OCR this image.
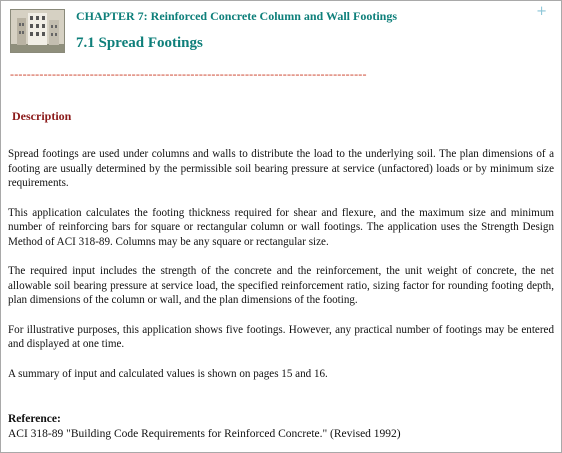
CHAPTER 7: Reinforced Concrete Column and Wall Footings
7.1 Spread Footings
+
-------------------------------------------------------------------------------------
Description

Spread footings are used under columns and walls to distribute the load to the underlying soil. The plan dimensions of a footing are usually determined by the permissible soil bearing pressure at service (unfactored) loads or by minimum size requirements.

This application calculates the footing thickness required for shear and flexure, and the maximum size and minimum number of reinforcing bars for square or rectangular column or wall footings. The application uses the Strength Design Method of ACI 318-89. Columns may be any square or rectangular size.

The required input includes the strength of the concrete and the reinforcement, the unit weight of concrete, the net allowable soil bearing pressure at service load, the specified reinforcement ratio, sizing factor for rounding footing depth, plan dimensions of the column or wall, and the plan dimensions of the footing.

For illustrative purposes, this application shows five footings. However, any practical number of footings may be entered and displayed at one time.

A summary of input and calculated values is shown on pages 15 and 16.

Reference:
ACI 318-89 "Building Code Requirements for Reinforced Concrete." (Revised 1992)
